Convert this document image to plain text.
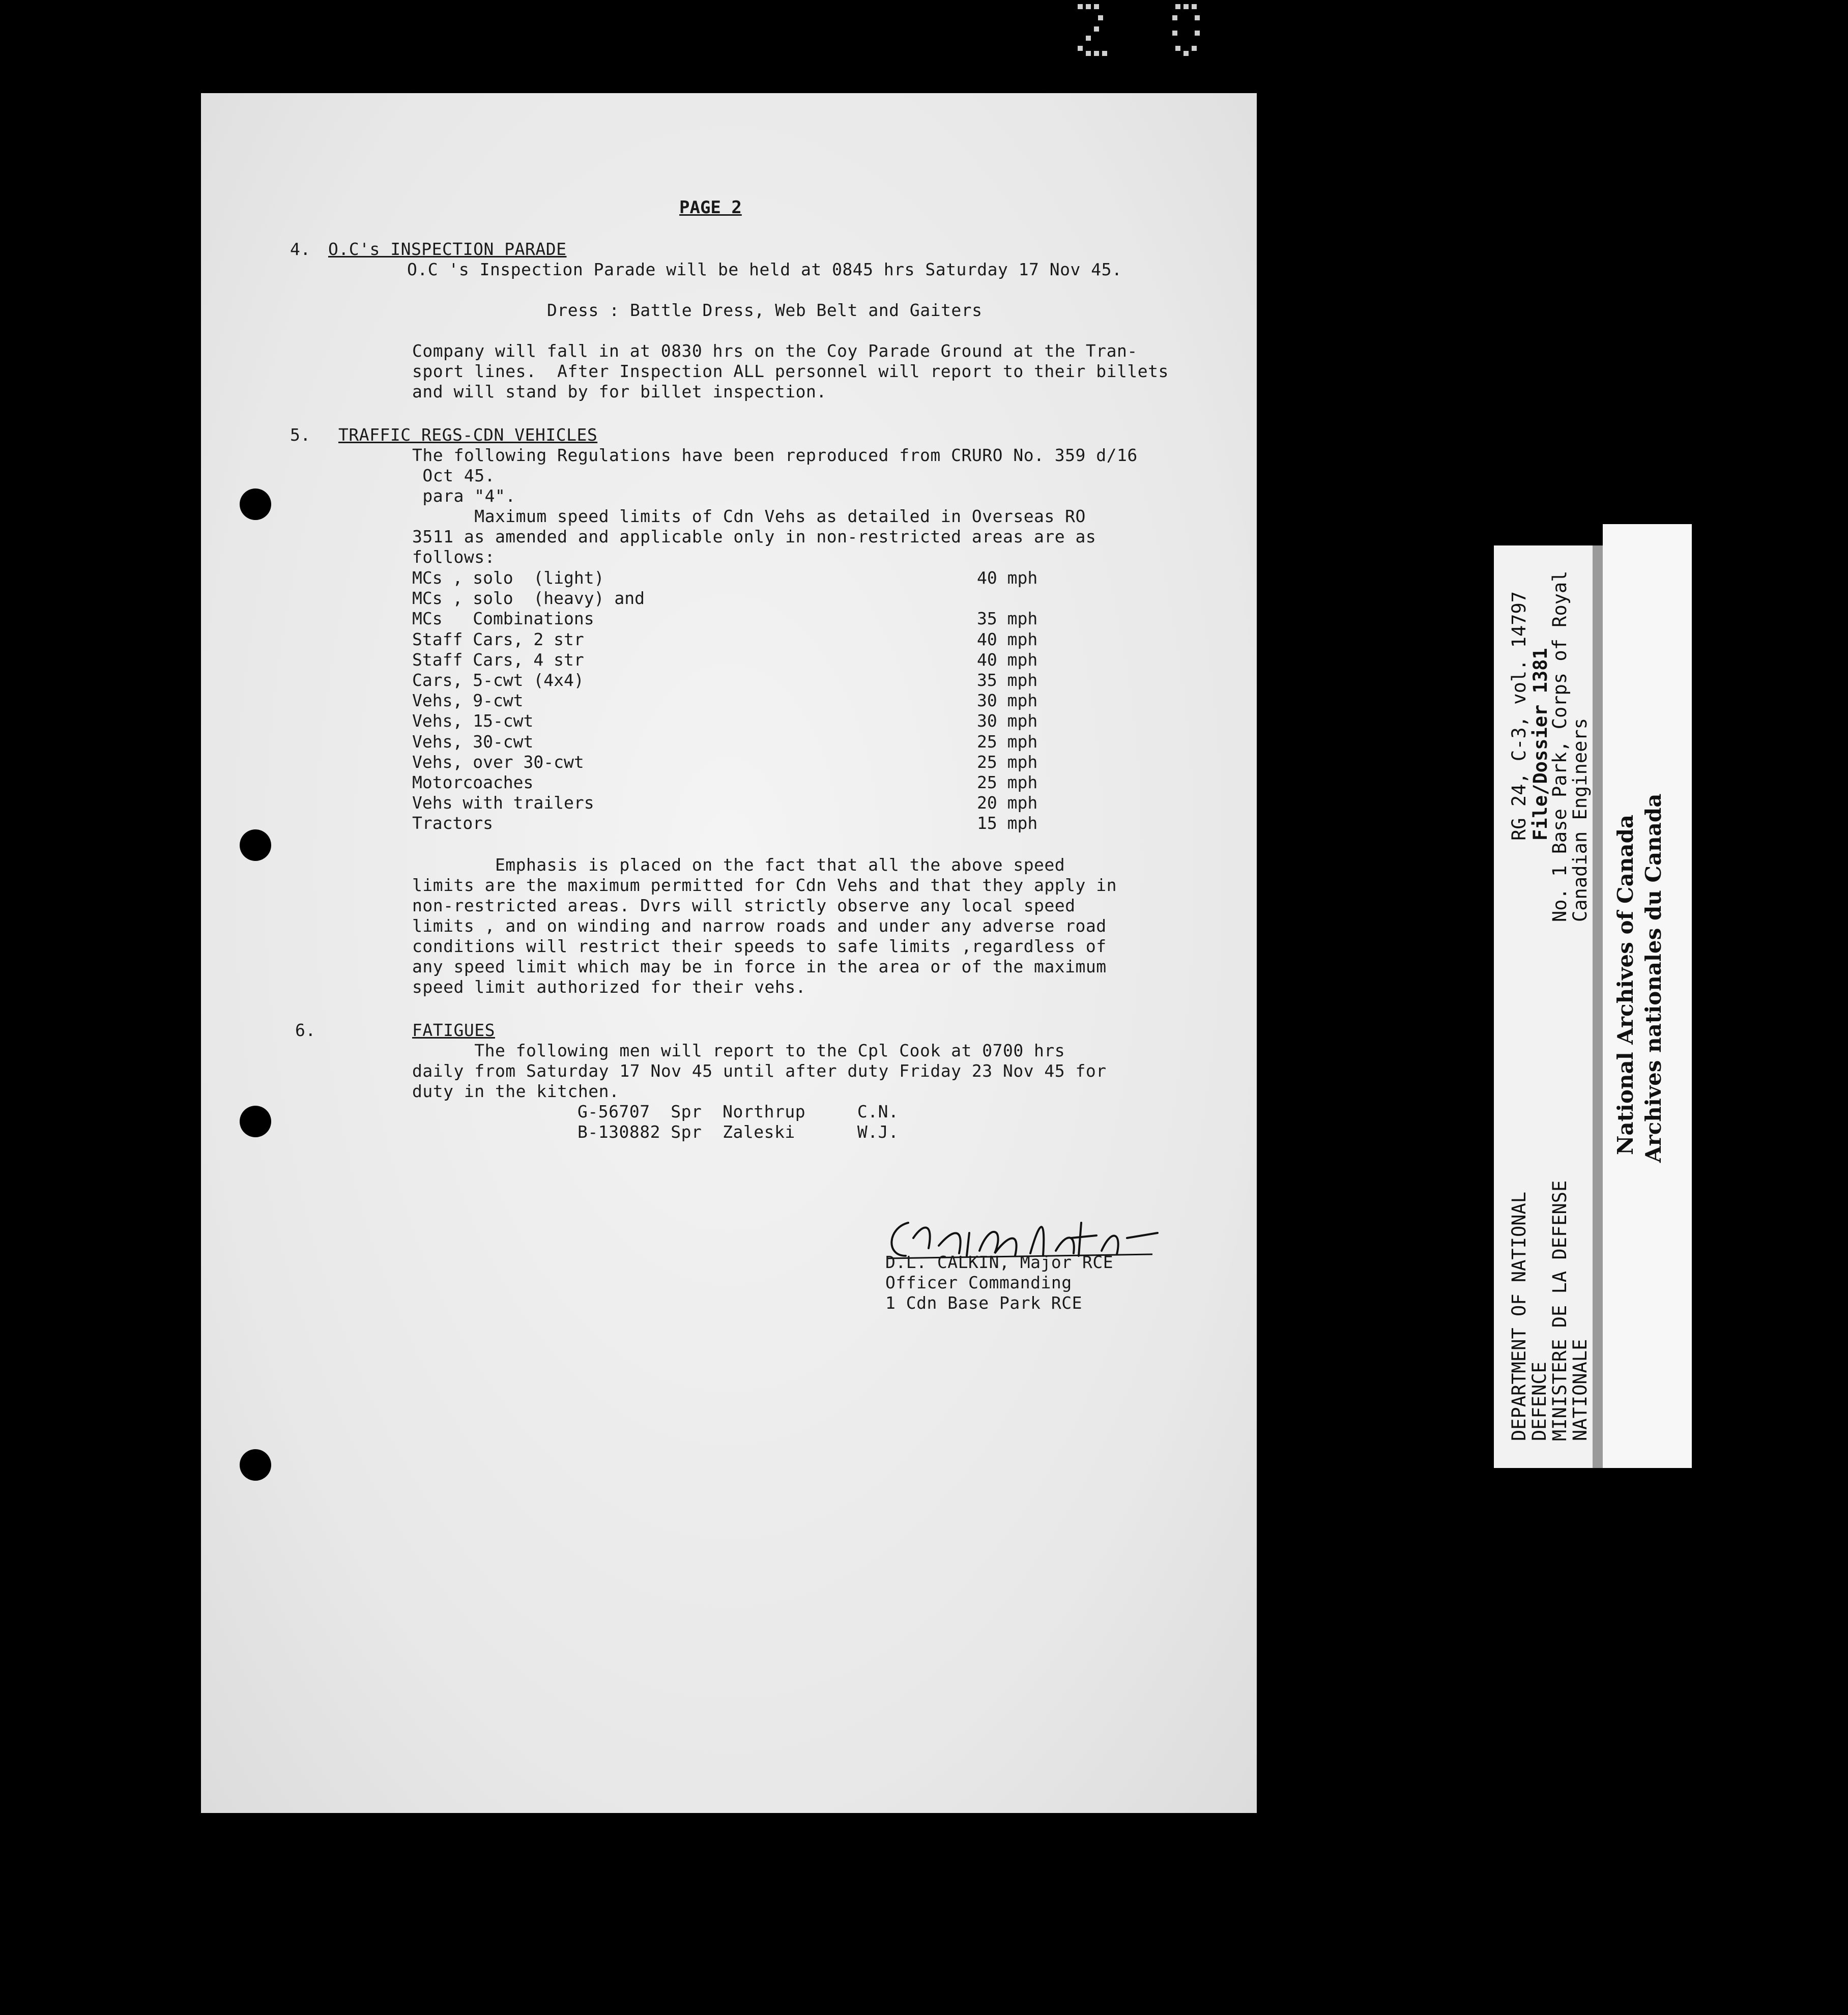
PAGE 2
4. O.C's INSPECTION PARADE
O.C 's Inspection Parade will be held at 0845 hrs Saturday 17 Nov 45.
Dress : Battle Dress, Web Belt and Gaiters
Company will fall in at 0830 hrs on the Coy Parade Ground at the Tran-
sport lines.  After Inspection ALL personnel will report to their billets
and will stand by for billet inspection.
5. TRAFFIC REGS-CDN VEHICLES
The following Regulations have been reproduced from CRURO No. 359 d/16
Oct 45.
para "4".
Maximum speed limits of Cdn Vehs as detailed in Overseas RO
3511 as amended and applicable only in non-restricted areas are as
follows:
MCs , solo  (light)	40 mph
MCs , solo  (heavy) and
MCs   Combinations	35 mph
Staff Cars, 2 str	40 mph
Staff Cars, 4 str	40 mph
Cars, 5-cwt (4x4)	35 mph
Vehs, 9-cwt	30 mph
Vehs, 15-cwt	30 mph
Vehs, 30-cwt	25 mph
Vehs, over 30-cwt	25 mph
Motorcoaches	25 mph
Vehs with trailers	20 mph
Tractors	15 mph
Emphasis is placed on the fact that all the above speed
limits are the maximum permitted for Cdn Vehs and that they apply in
non-restricted areas. Dvrs will strictly observe any local speed
limits , and on winding and narrow roads and under any adverse road
conditions will restrict their speeds to safe limits ,regardless of
any speed limit which may be in force in the area or of the maximum
speed limit authorized for their vehs.
6.	FATIGUES
The following men will report to the Cpl Cook at 0700 hrs
daily from Saturday 17 Nov 45 until after duty Friday 23 Nov 45 for
duty in the kitchen.
G-56707  Spr  Northrup     C.N.
B-130882 Spr  Zaleski      W.J.
D.L. CALKIN, Major RCE
Officer Commanding
1 Cdn Base Park RCE	DEPARTMENT OF NATIONAL
DEFENCE
MINISTERE DE LA DEFENSE
NATIONALE
RG 24, C-3, vol. 14797 File/Dossier 1381
No. 1 Base Park, Corps of Royal
Canadian Engineers National Archives of Canada Archives nationales du Canada
